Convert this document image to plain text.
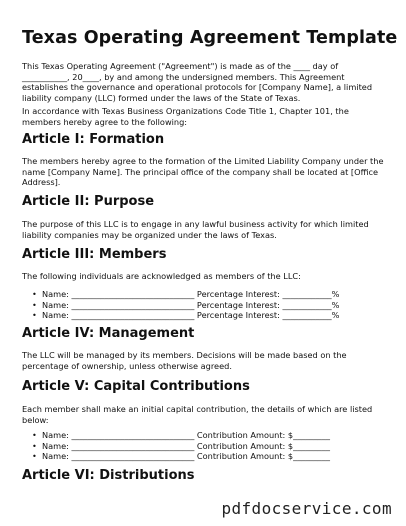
Texas Operating Agreement Template

This Texas Operating Agreement ("Agreement") is made as of the ____ day of ___________, 20____, by and among the undersigned members. This Agreement establishes the governance and operational protocols for [Company Name], a limited liability company (LLC) formed under the laws of the State of Texas.

In accordance with Texas Business Organizations Code Title 1, Chapter 101, the members hereby agree to the following:

Article I: Formation

The members hereby agree to the formation of the Limited Liability Company under the name [Company Name]. The principal office of the company shall be located at [Office Address].

Article II: Purpose

The purpose of this LLC is to engage in any lawful business activity for which limited liability companies may be organized under the laws of Texas.

Article III: Members

The following individuals are acknowledged as members of the LLC:

• Name: ______________________________ Percentage Interest: ____________%
• Name: ______________________________ Percentage Interest: ____________%
• Name: ______________________________ Percentage Interest: ____________%
Article IV: Management

The LLC will be managed by its members. Decisions will be made based on the percentage of ownership, unless otherwise agreed.

Article V: Capital Contributions

Each member shall make an initial capital contribution, the details of which are listed below:

• Name: ______________________________ Contribution Amount: $_________
• Name: ______________________________ Contribution Amount: $_________
• Name: ______________________________ Contribution Amount: $_________
Article VI: Distributions
pdfdocservice.com
